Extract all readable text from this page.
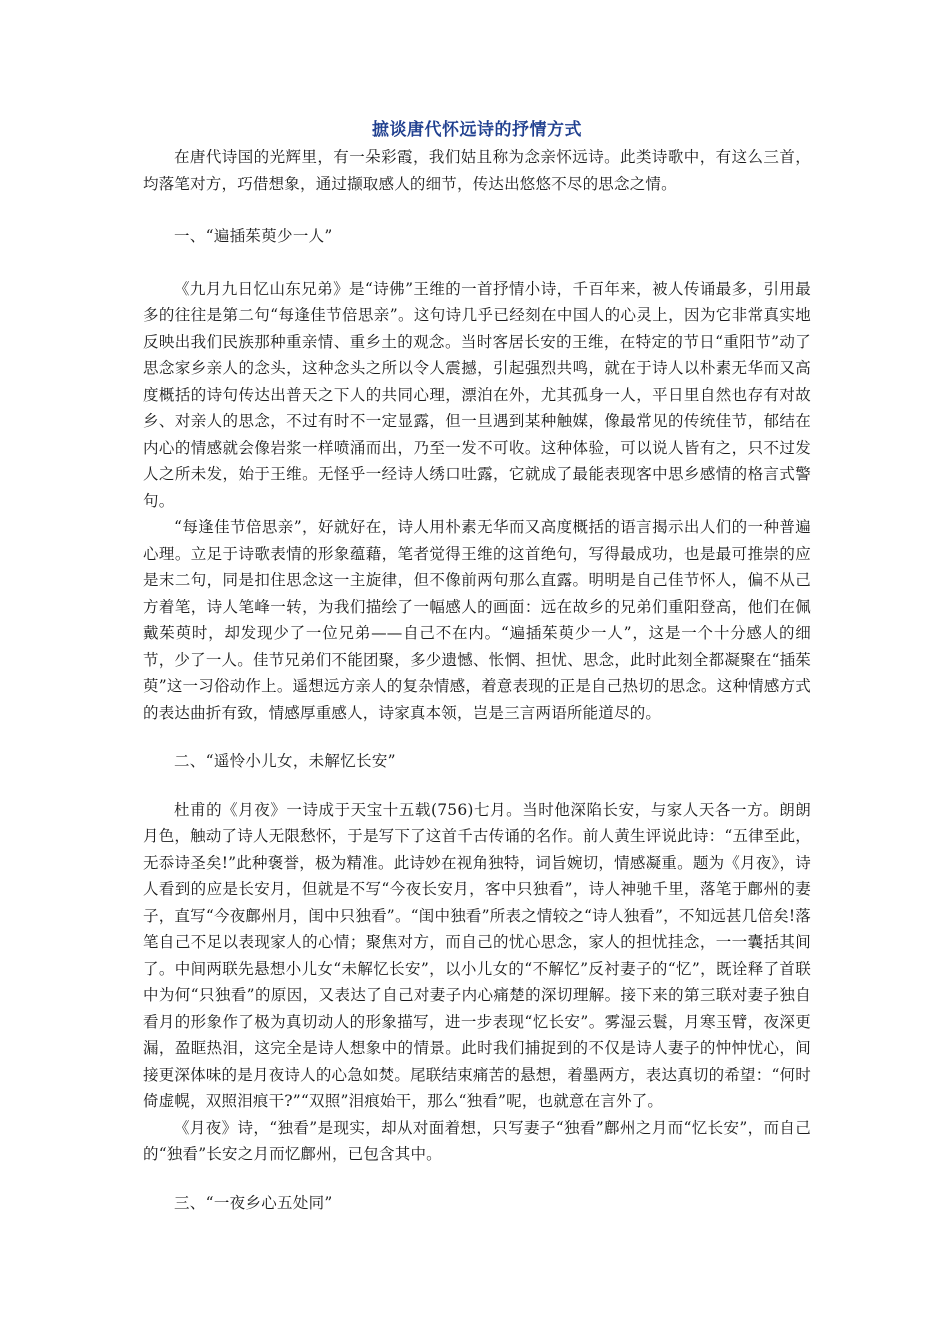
摭谈唐代怀远诗的抒情方式

在唐代诗国的光辉里，有一朵彩霞，我们姑且称为念亲怀远诗。此类诗歌中，有这么三首，均落笔对方，巧借想象，通过撷取感人的细节，传达出悠悠不尽的思念之情。

一、“遍插茱萸少一人”

《九月九日忆山东兄弟》是“诗佛”王维的一首抒情小诗，千百年来，被人传诵最多，引用最多的往往是第二句“每逢佳节倍思亲”。这句诗几乎已经刻在中国人的心灵上，因为它非常真实地反映出我们民族那种重亲情、重乡土的观念。当时客居长安的王维，在特定的节日“重阳节”动了思念家乡亲人的念头，这种念头之所以令人震撼，引起强烈共鸣，就在于诗人以朴素无华而又高度概括的诗句传达出普天之下人的共同心理，漂泊在外，尤其孤身一人，平日里自然也存有对故乡、对亲人的思念，不过有时不一定显露，但一旦遇到某种触媒，像最常见的传统佳节，郁结在内心的情感就会像岩浆一样喷涌而出，乃至一发不可收。这种体验，可以说人皆有之，只不过发人之所未发，始于王维。无怪乎一经诗人绣口吐露，它就成了最能表现客中思乡感情的格言式警句。

“每逢佳节倍思亲”，好就好在，诗人用朴素无华而又高度概括的语言揭示出人们的一种普遍心理。立足于诗歌表情的形象蕴藉，笔者觉得王维的这首绝句，写得最成功，也是最可推崇的应是末二句，同是扣住思念这一主旋律，但不像前两句那么直露。明明是自己佳节怀人，偏不从己方着笔，诗人笔峰一转，为我们描绘了一幅感人的画面：远在故乡的兄弟们重阳登高，他们在佩戴茱萸时，却发现少了一位兄弟——自己不在内。“遍插茱萸少一人”，这是一个十分感人的细节，少了一人。佳节兄弟们不能团聚，多少遗憾、怅惘、担忧、思念，此时此刻全都凝聚在“插茱萸”这一习俗动作上。遥想远方亲人的复杂情感，着意表现的正是自己热切的思念。这种情感方式的表达曲折有致，情感厚重感人，诗家真本领，岂是三言两语所能道尽的。

二、“遥怜小儿女，未解忆长安”

杜甫的《月夜》一诗成于天宝十五载(756)七月。当时他深陷长安，与家人天各一方。朗朗月色，触动了诗人无限愁怀，于是写下了这首千古传诵的名作。前人黄生评说此诗：“五律至此，无忝诗圣矣!”此种褒誉，极为精准。此诗妙在视角独特，词旨婉切，情感凝重。题为《月夜》，诗人看到的应是长安月，但就是不写“今夜长安月，客中只独看”，诗人神驰千里，落笔于鄜州的妻子，直写“今夜鄜州月，闺中只独看”。“闺中独看”所表之情较之“诗人独看”，不知远甚几倍矣!落笔自己不足以表现家人的心情；聚焦对方，而自己的忧心思念，家人的担忧挂念，一一囊括其间了。中间两联先悬想小儿女“未解忆长安”，以小儿女的“不解忆”反衬妻子的“忆”，既诠释了首联中为何“只独看”的原因，又表达了自己对妻子内心痛楚的深切理解。接下来的第三联对妻子独自看月的形象作了极为真切动人的形象描写，进一步表现“忆长安”。雾湿云鬟，月寒玉臂，夜深更漏，盈眶热泪，这完全是诗人想象中的情景。此时我们捕捉到的不仅是诗人妻子的忡忡忧心，间接更深体味的是月夜诗人的心急如焚。尾联结束痛苦的悬想，着墨两方，表达真切的希望：“何时倚虚幌，双照泪痕干?”“双照”泪痕始干，那么“独看”呢，也就意在言外了。

《月夜》诗，“独看”是现实，却从对面着想，只写妻子“独看”鄜州之月而“忆长安”，而自己的“独看”长安之月而忆鄜州，已包含其中。

三、“一夜乡心五处同”
